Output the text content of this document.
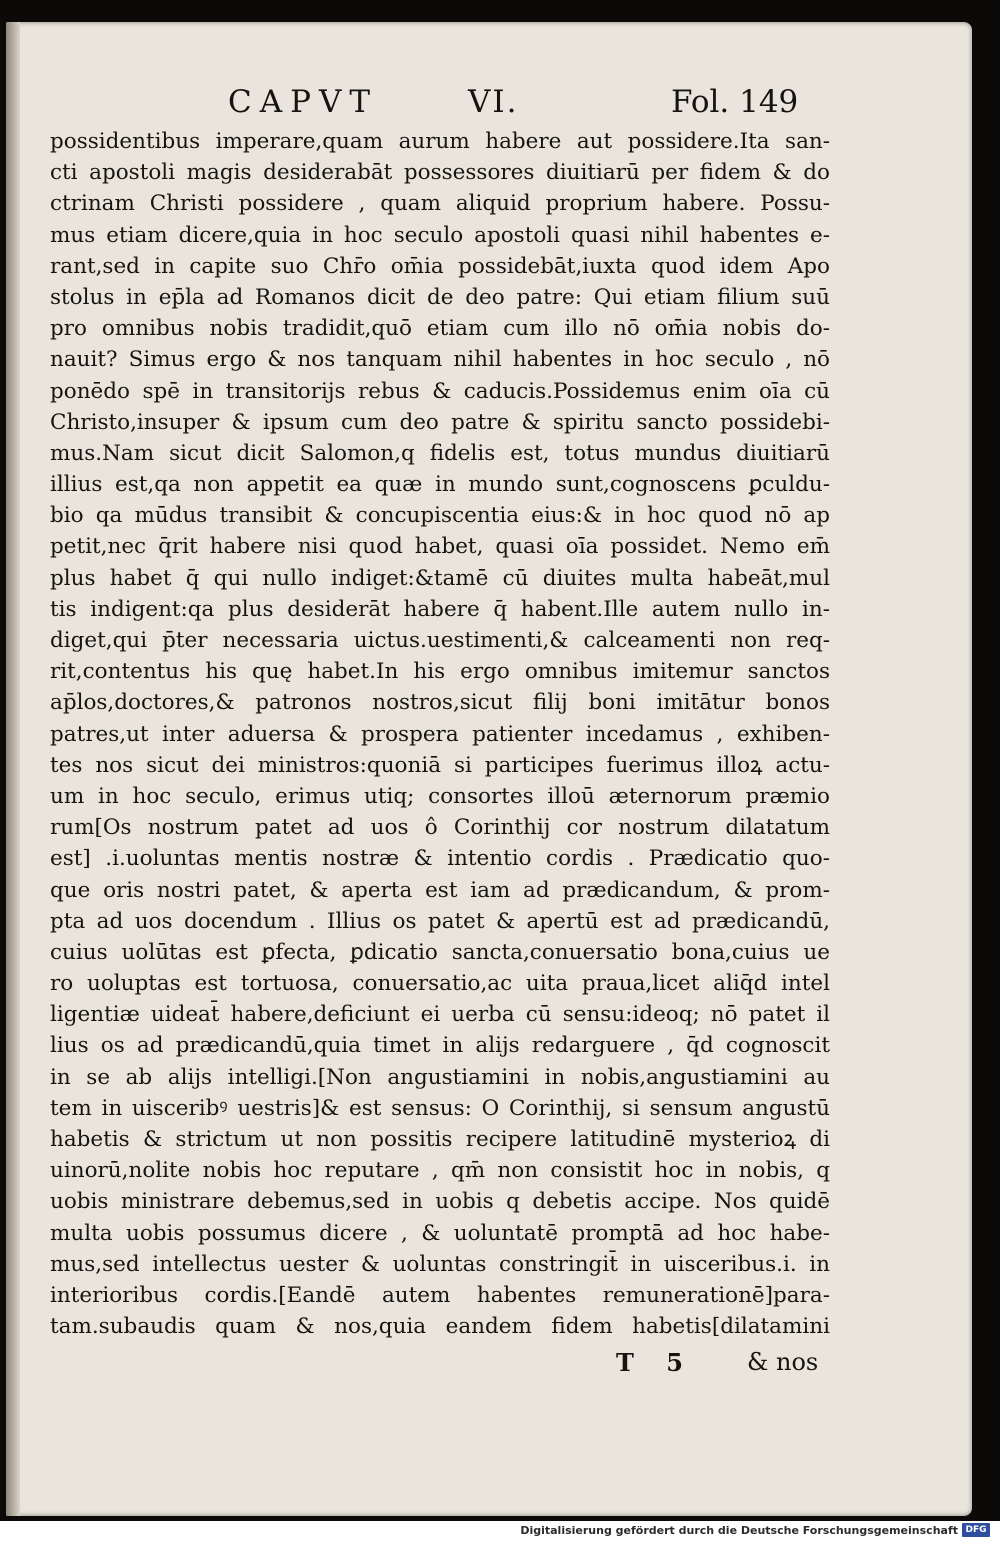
CAPVT	VI.	Fol. 149
possidentibus imperare,quam aurum habere aut possidere.Ita san-
cti apostoli magis desiderabāt possessores diuitiarū per fidem & do
ctrinam Christi possidere , quam aliquid proprium habere. Possu-
mus etiam dicere,quia in hoc seculo apostoli quasi nihil habentes e-
rant,sed in capite suo Chr̄o om̄ia possidebāt,iuxta quod idem Apo
stolus in ep̄la ad Romanos dicit de deo patre: Qui etiam filium suū
pro omnibus nobis tradidit,quō etiam cum illo nō om̄ia nobis do-
nauit? Simus ergo & nos tanquam nihil habentes in hoc seculo , nō
ponēdo spē in transitorijs rebus & caducis.Possidemus enim oīa cū
Christo,insuper & ipsum cum deo patre & spiritu sancto possidebi-
mus.Nam sicut dicit Salomon,q fidelis est, totus mundus diuitiarū
illius est,qa non appetit ea quæ in mundo sunt,cognoscens ꝑculdu-
bio qa mūdus transibit & concupiscentia eius:& in hoc quod nō ap
petit,nec q̄rit habere nisi quod habet, quasi oīa possidet. Nemo em̄
plus habet q̄ qui nullo indiget:&tamē cū diuites multa habeāt,mul
tis indigent:qa plus desiderāt habere q̄ habent.Ille autem nullo in-
diget,qui p̄ter necessaria uictus.uestimenti,& calceamenti non req-
rit,contentus his quę habet.In his ergo omnibus imitemur sanctos
ap̄los,doctores,& patronos nostros,sicut filij boni imitātur bonos
patres,ut inter aduersa & prospera patienter incedamus , exhiben-
tes nos sicut dei ministros:quoniā si participes fuerimus illoꝝ actu-
um in hoc seculo, erimus utiq; consortes illoū æternorum præmio
rum[Os nostrum patet ad uos ô Corinthij cor nostrum dilatatum
est] .i.uoluntas mentis nostræ & intentio cordis . Prædicatio quo-
que oris nostri patet, & aperta est iam ad prædicandum, & prom-
pta ad uos docendum . Illius os patet & apertū est ad prædicandū,
cuius uolūtas est ꝑfecta, ꝑdicatio sancta,conuersatio bona,cuius ue
ro uoluptas est tortuosa, conuersatio,ac uita praua,licet aliq̄d intel
ligentiæ uideat̄ habere,deficiunt ei uerba cū sensu:ideoq; nō patet il
lius os ad prædicandū,quia timet in alijs redarguere , q̄d cognoscit
in se ab alijs intelligi.[Non angustiamini in nobis,angustiamini au
tem in uisceribꝰ uestris]& est sensus: O Corinthij, si sensum angustū
habetis & strictum ut non possitis recipere latitudinē mysterioꝝ di
uinorū,nolite nobis hoc reputare , qm̄ non consistit hoc in nobis, q
uobis ministrare debemus,sed in uobis q debetis accipe. Nos quidē
multa uobis possumus dicere , & uoluntatē promptā ad hoc habe-
mus,sed intellectus uester & uoluntas constringit̄ in uisceribus.i. in
interioribus cordis.[Eandē autem habentes remunerationē]para-
tam.subaudis quam & nos,quia eandem fidem habetis[dilatamini
T 5 & nos
Digitalisierung gefördert durch die Deutsche Forschungsgemeinschaft DFG
